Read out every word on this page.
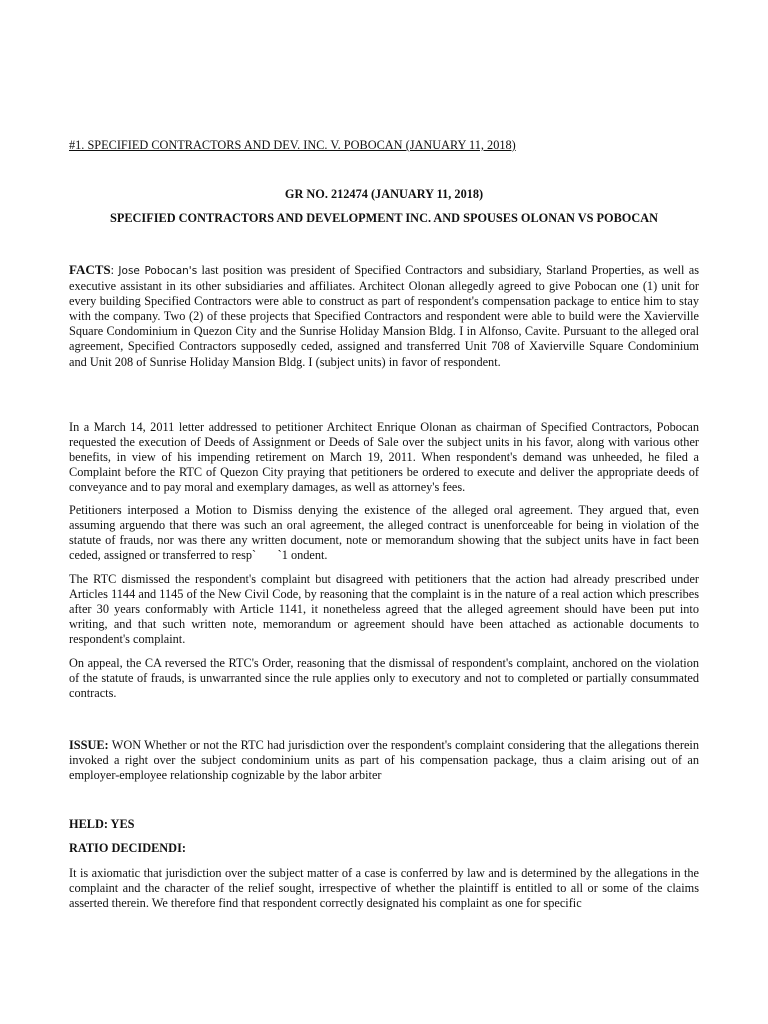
#1. SPECIFIED CONTRACTORS AND DEV. INC. V. POBOCAN (JANUARY 11, 2018)
GR NO. 212474 (JANUARY 11, 2018)
SPECIFIED CONTRACTORS AND DEVELOPMENT INC. AND SPOUSES OLONAN VS POBOCAN

FACTS: Jose Pobocan's last position was president of Specified Contractors and subsidiary, Starland Properties, as well as executive assistant in its other subsidiaries and affiliates. Architect Olonan allegedly agreed to give Pobocan one (1) unit for every building Specified Contractors were able to construct as part of respondent's compensation package to entice him to stay with the company. Two (2) of these projects that Specified Contractors and respondent were able to build were the Xavierville Square Condominium in Quezon City and the Sunrise Holiday Mansion Bldg. I in Alfonso, Cavite. Pursuant to the alleged oral agreement, Specified Contractors supposedly ceded, assigned and transferred Unit 708 of Xavierville Square Condominium and Unit 208 of Sunrise Holiday Mansion Bldg. I (subject units) in favor of respondent.

In a March 14, 2011 letter addressed to petitioner Architect Enrique Olonan as chairman of Specified Contractors, Pobocan requested the execution of Deeds of Assignment or Deeds of Sale over the subject units in his favor, along with various other benefits, in view of his impending retirement on March 19, 2011. When respondent's demand was unheeded, he filed a Complaint before the RTC of Quezon City praying that petitioners be ordered to execute and deliver the appropriate deeds of conveyance and to pay moral and exemplary damages, as well as attorney's fees.

Petitioners interposed a Motion to Dismiss denying the existence of the alleged oral agreement. They argued that, even assuming arguendo that there was such an oral agreement, the alleged contract is unenforceable for being in violation of the statute of frauds, nor was there any written document, note or memorandum showing that the subject units have in fact been ceded, assigned or transferred to resp`       `1 ondent.

The RTC dismissed the respondent's complaint but disagreed with petitioners that the action had already prescribed under Articles 1144 and 1145 of the New Civil Code, by reasoning that the complaint is in the nature of a real action which prescribes after 30 years conformably with Article 1141, it nonetheless agreed that the alleged agreement should have been put into writing, and that such written note, memorandum or agreement should have been attached as actionable documents to respondent's complaint.

On appeal, the CA reversed the RTC's Order, reasoning that the dismissal of respondent's complaint, anchored on the violation of the statute of frauds, is unwarranted since the rule applies only to executory and not to completed or partially consummated contracts.

ISSUE: WON Whether or not the RTC had jurisdiction over the respondent's complaint considering that the allegations therein invoked a right over the subject condominium units as part of his compensation package, thus a claim arising out of an employer-employee relationship cognizable by the labor arbiter

HELD: YES
RATIO DECIDENDI:

It is axiomatic that jurisdiction over the subject matter of a case is conferred by law and is determined by the allegations in the complaint and the character of the relief sought, irrespective of whether the plaintiff is entitled to all or some of the claims asserted therein. We therefore find that respondent correctly designated his complaint as one for specific
